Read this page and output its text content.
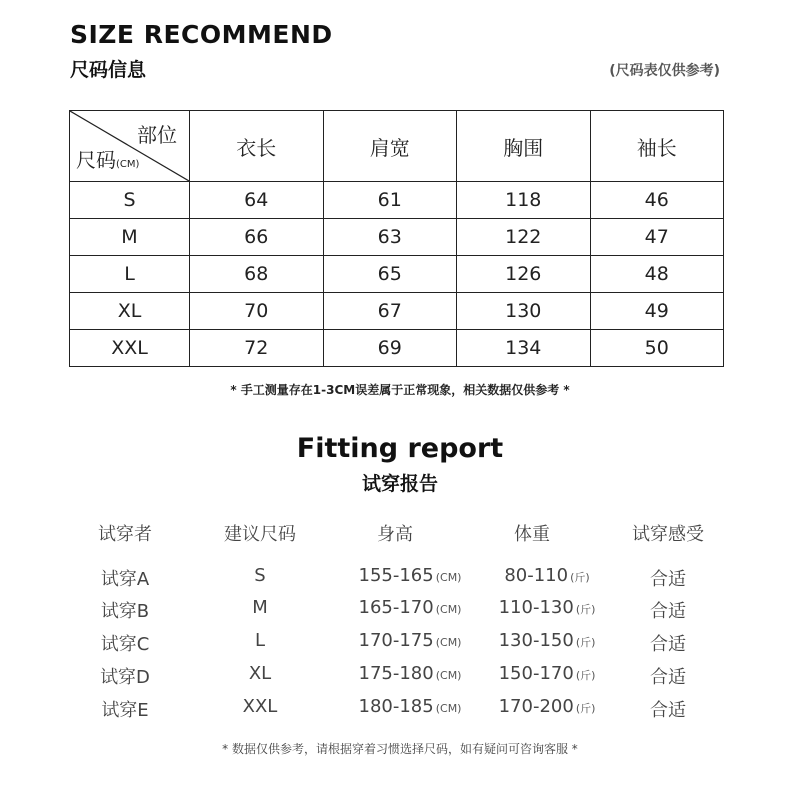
SIZE RECOMMEND
尺码信息	(尺码表仅供参考)
部位
尺码(CM)	衣长	肩宽	胸围	袖长
S	64	61	118	46
M	66	63	122	47
L	68	65	126	48
XL	70	67	130	49
XXL	72	69	134	50
* 手工测量存在1-3CM误差属于正常现象，相关数据仅供参考 *
Fitting report
试穿报告
试穿者	建议尺码	身高	体重	试穿感受
试穿A	S	155-165 (CM)	80-110 (斤)	合适
试穿B	M	165-170 (CM)	110-130 (斤)	合适
试穿C	L	170-175 (CM)	130-150 (斤)	合适
试穿D	XL	175-180 (CM)	150-170 (斤)	合适
试穿E	XXL	180-185 (CM)	170-200 (斤)	合适
* 数据仅供参考，请根据穿着习惯选择尺码，如有疑问可咨询客服 *
